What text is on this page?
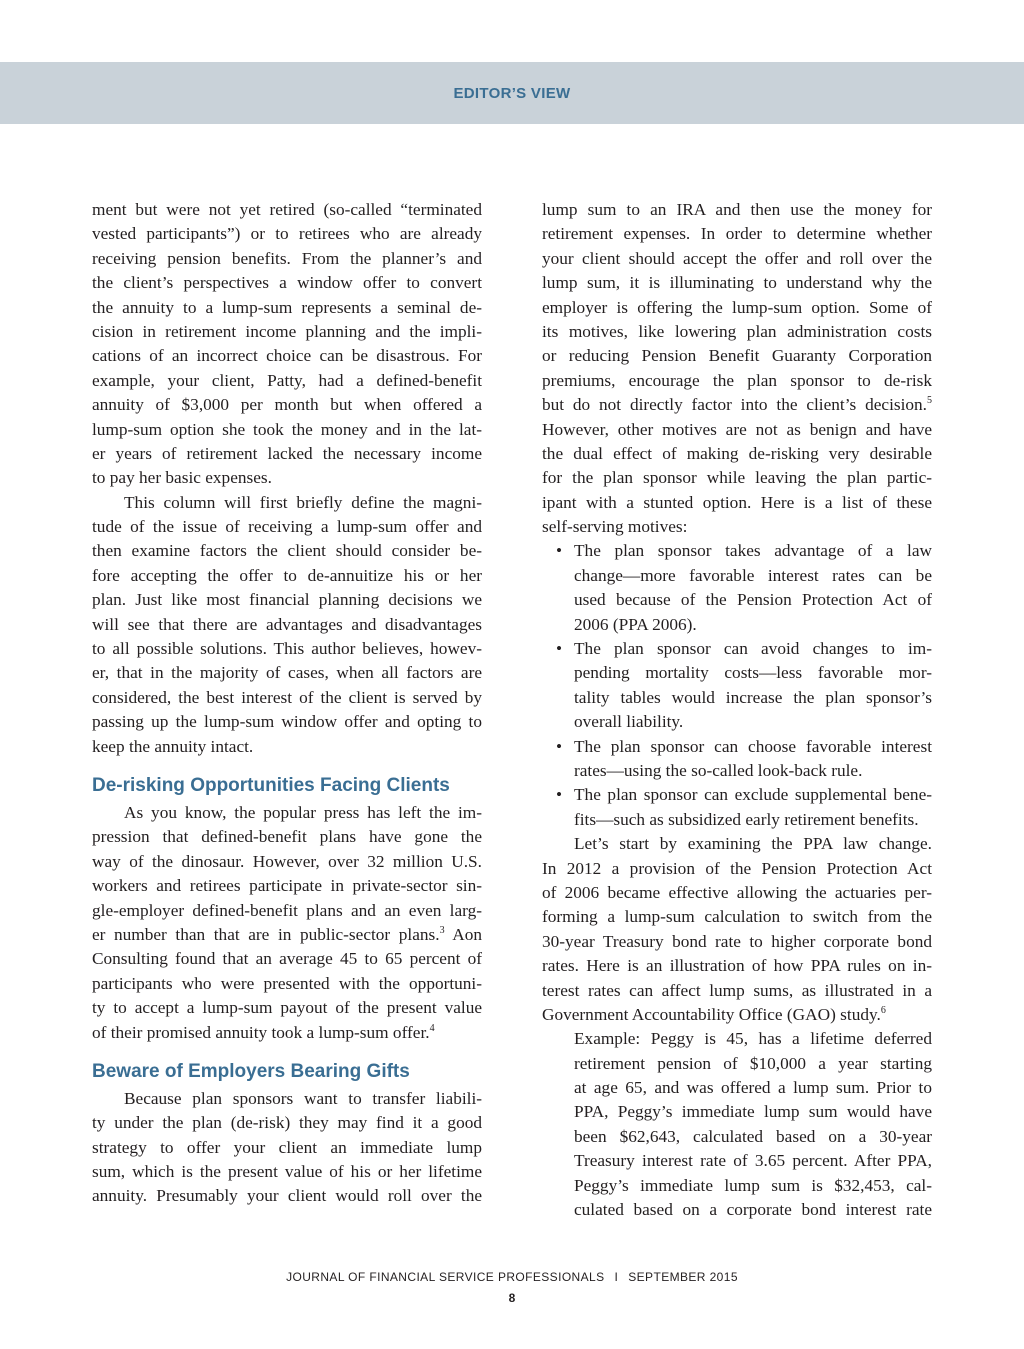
EDITOR’S VIEW
ment but were not yet retired (so-called “terminated
vested participants”) or to retirees who are already
receiving pension benefits. From the planner’s and
the client’s perspectives a window offer to convert
the annuity to a lump-sum represents a seminal de-
cision in retirement income planning and the impli-
cations of an incorrect choice can be disastrous. For
example, your client, Patty, had a defined-benefit
annuity of $3,000 per month but when offered a
lump-sum option she took the money and in the lat-
er years of retirement lacked the necessary income
to pay her basic expenses.
This column will first briefly define the magni-
tude of the issue of receiving a lump-sum offer and
then examine factors the client should consider be-
fore accepting the offer to de-annuitize his or her
plan. Just like most financial planning decisions we
will see that there are advantages and disadvantages
to all possible solutions. This author believes, howev-
er, that in the majority of cases, when all factors are
considered, the best interest of the client is served by
passing up the lump-sum window offer and opting to
keep the annuity intact.
De-risking Opportunities Facing Clients
As you know, the popular press has left the im-
pression that defined-benefit plans have gone the
way of the dinosaur. However, over 32 million U.S.
workers and retirees participate in private-sector sin-
gle-employer defined-benefit plans and an even larg-
er number than that are in public-sector plans.$^3$ Aon
Consulting found that an average 45 to 65 percent of
participants who were presented with the opportuni-
ty to accept a lump-sum payout of the present value
of their promised annuity took a lump-sum offer.$^4$
Beware of Employers Bearing Gifts
Because plan sponsors want to transfer liabili-
ty under the plan (de-risk) they may find it a good
strategy to offer your client an immediate lump
sum, which is the present value of his or her lifetime
annuity. Presumably your client would roll over the
lump sum to an IRA and then use the money for
retirement expenses. In order to determine whether
your client should accept the offer and roll over the
lump sum, it is illuminating to understand why the
employer is offering the lump-sum option. Some of
its motives, like lowering plan administration costs
or reducing Pension Benefit Guaranty Corporation
premiums, encourage the plan sponsor to de-risk
but do not directly factor into the client’s decision.$^5$
However, other motives are not as benign and have
the dual effect of making de-risking very desirable
for the plan sponsor while leaving the plan partic-
ipant with a stunted option. Here is a list of these
self-serving motives:
• The plan sponsor takes advantage of a law
change—more favorable interest rates can be
used because of the Pension Protection Act of
2006 (PPA 2006).
• The plan sponsor can avoid changes to im-
pending mortality costs—less favorable mor-
tality tables would increase the plan sponsor’s
overall liability.
• The plan sponsor can choose favorable interest
rates—using the so-called look-back rule.
• The plan sponsor can exclude supplemental bene-
fits—such as subsidized early retirement benefits.
Let’s start by examining the PPA law change.
In 2012 a provision of the Pension Protection Act
of 2006 became effective allowing the actuaries per-
forming a lump-sum calculation to switch from the
30-year Treasury bond rate to higher corporate bond
rates. Here is an illustration of how PPA rules on in-
terest rates can affect lump sums, as illustrated in a
Government Accountability Office (GAO) study.$^6$
Example: Peggy is 45, has a lifetime deferred
retirement pension of $10,000 a year starting
at age 65, and was offered a lump sum. Prior to
PPA, Peggy’s immediate lump sum would have
been $62,643, calculated based on a 30-year
Treasury interest rate of 3.65 percent. After PPA,
Peggy’s immediate lump sum is $32,453, cal-
culated based on a corporate bond interest rate
JOURNAL OF FINANCIAL SERVICE PROFESSIONALS I SEPTEMBER 2015
8
